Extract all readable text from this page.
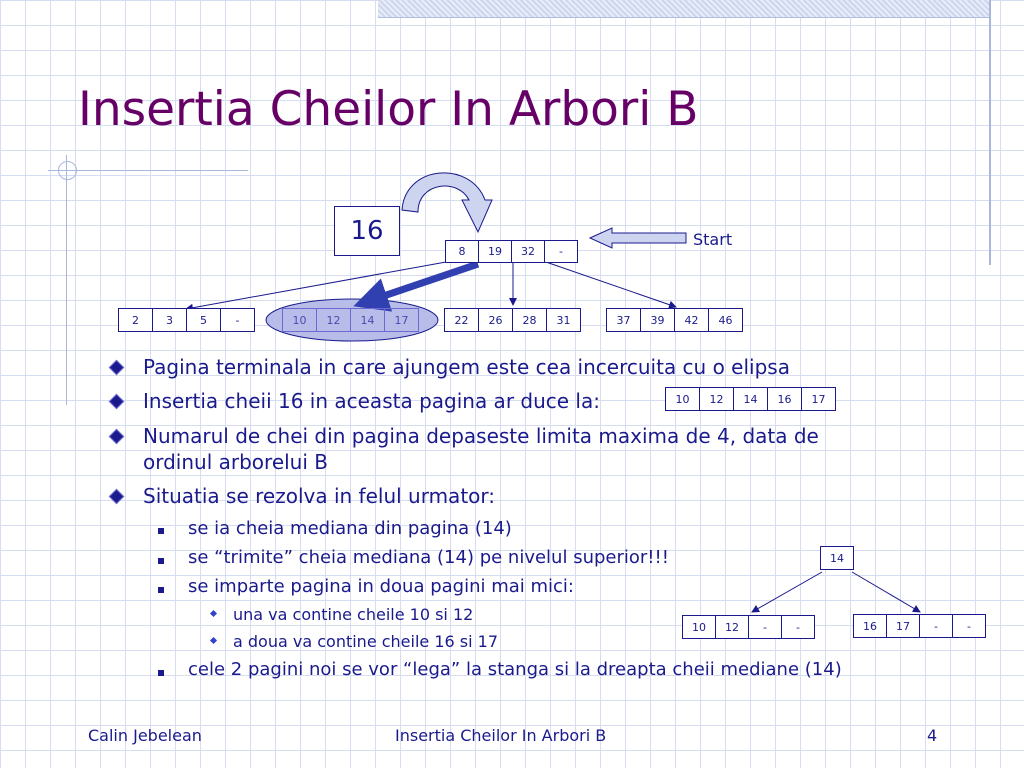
Insertia Cheilor In Arbori B
16	Start
8	19	32	-
2	3	5	-	10	12	14	17	22	26	28	31	37	39	42	46
10	12	14	16	17
14
10	12	-	-	16	17	-	-
Pagina terminala in care ajungem este cea incercuita cu o elipsa
Insertia cheii 16 in aceasta pagina ar duce la:
Numarul de chei din pagina depaseste limita maxima de 4, data de
ordinul arborelui B
Situatia se rezolva in felul urmator:
se ia cheia mediana din pagina (14)
se “trimite” cheia mediana (14) pe nivelul superior!!!
se imparte pagina in doua pagini mai mici:
una va contine cheile 10 si 12
a doua va contine cheile 16 si 17
cele 2 pagini noi se vor “lega” la stanga si la dreapta cheii mediane (14)
Calin Jebelean	Insertia Cheilor In Arbori B	4
